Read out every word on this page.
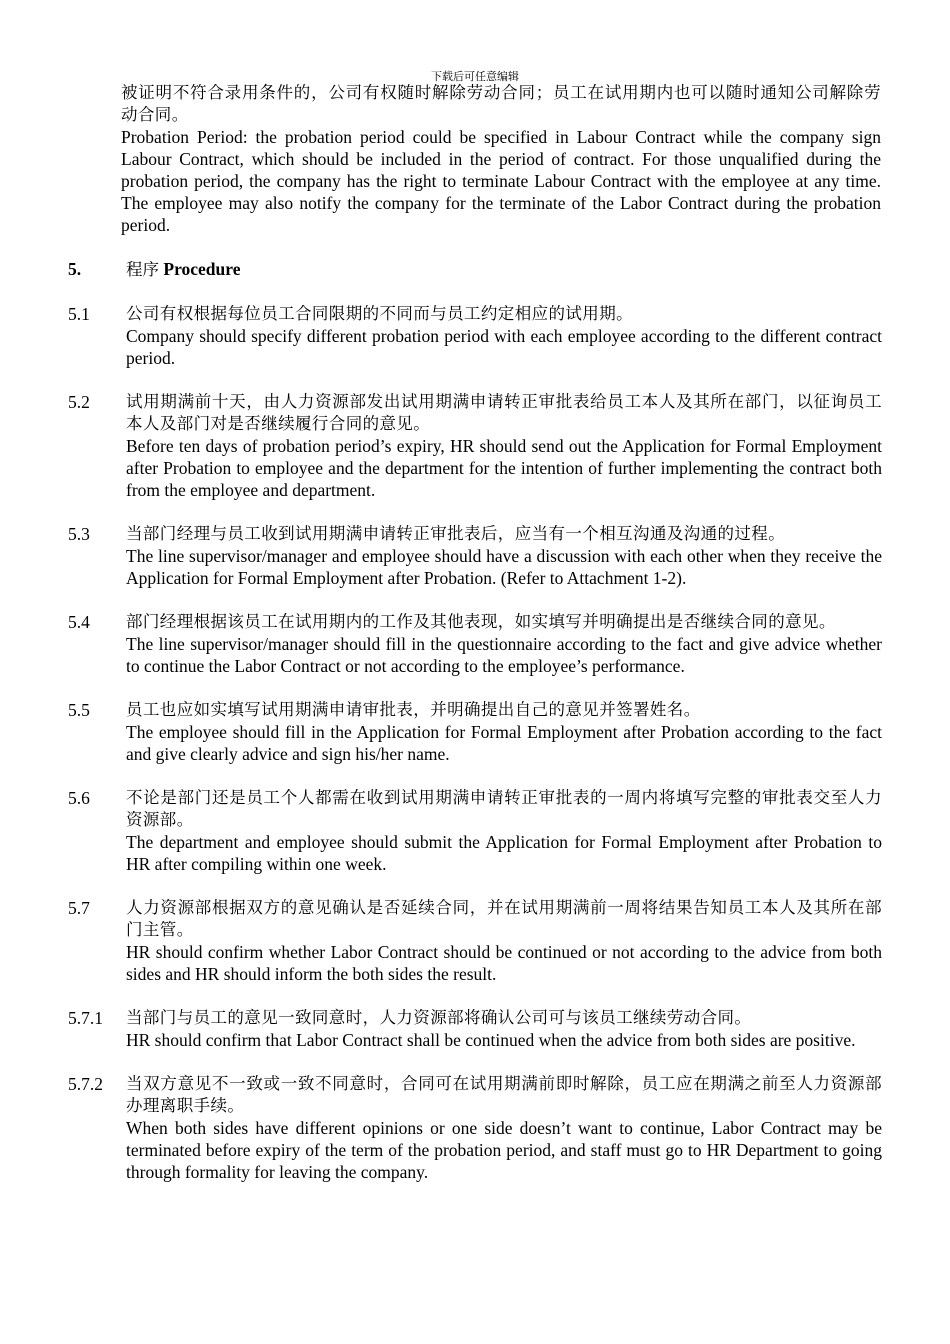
下载后可任意编辑

被证明不符合录用条件的，公司有权随时解除劳动合同；员工在试用期内也可以随时通知公司解除劳动合同。

Probation Period: the probation period could be specified in Labour Contract while the company sign Labour Contract, which should be included in the period of contract. For those unqualified during the probation period, the company has the right to terminate Labour Contract with the employee at any time. The employee may also notify the company for the terminate of the Labor Contract during the probation period.

5.	程序 Procedure
5.1	公司有权根据每位员工合同限期的不同而与员工约定相应的试用期。

Company should specify different probation period with each employee according to the different contract period.

5.2	试用期满前十天，由人力资源部发出试用期满申请转正审批表给员工本人及其所在部门，以征询员工本人及部门对是否继续履行合同的意见。

Before ten days of probation period’s expiry, HR should send out the Application for Formal Employment after Probation to employee and the department for the intention of further implementing the contract both from the employee and department.

5.3	当部门经理与员工收到试用期满申请转正审批表后，应当有一个相互沟通及沟通的过程。

The line supervisor/manager and employee should have a discussion with each other when they receive the Application for Formal Employment after Probation. (Refer to Attachment 1-2).

5.4	部门经理根据该员工在试用期内的工作及其他表现，如实填写并明确提出是否继续合同的意见。

The line supervisor/manager should fill in the questionnaire according to the fact and give advice whether to continue the Labor Contract or not according to the employee’s performance.

5.5	员工也应如实填写试用期满申请审批表，并明确提出自己的意见并签署姓名。

The employee should fill in the Application for Formal Employment after Probation according to the fact and give clearly advice and sign his/her name.

5.6	不论是部门还是员工个人都需在收到试用期满申请转正审批表的一周内将填写完整的审批表交至人力资源部。

The department and employee should submit the Application for Formal Employment after Probation to HR after compiling within one week.

5.7	人力资源部根据双方的意见确认是否延续合同，并在试用期满前一周将结果告知员工本人及其所在部门主管。

HR should confirm whether Labor Contract should be continued or not according to the advice from both sides and HR should inform the both sides the result.

5.7.1	当部门与员工的意见一致同意时，人力资源部将确认公司可与该员工继续劳动合同。

HR should confirm that Labor Contract shall be continued when the advice from both sides are positive.

5.7.2	当双方意见不一致或一致不同意时，合同可在试用期满前即时解除，员工应在期满之前至人力资源部办理离职手续。

When both sides have different opinions or one side doesn’t want to continue, Labor Contract may be terminated before expiry of the term of the probation period, and staff must go to HR Department to going through formality for leaving the company.
